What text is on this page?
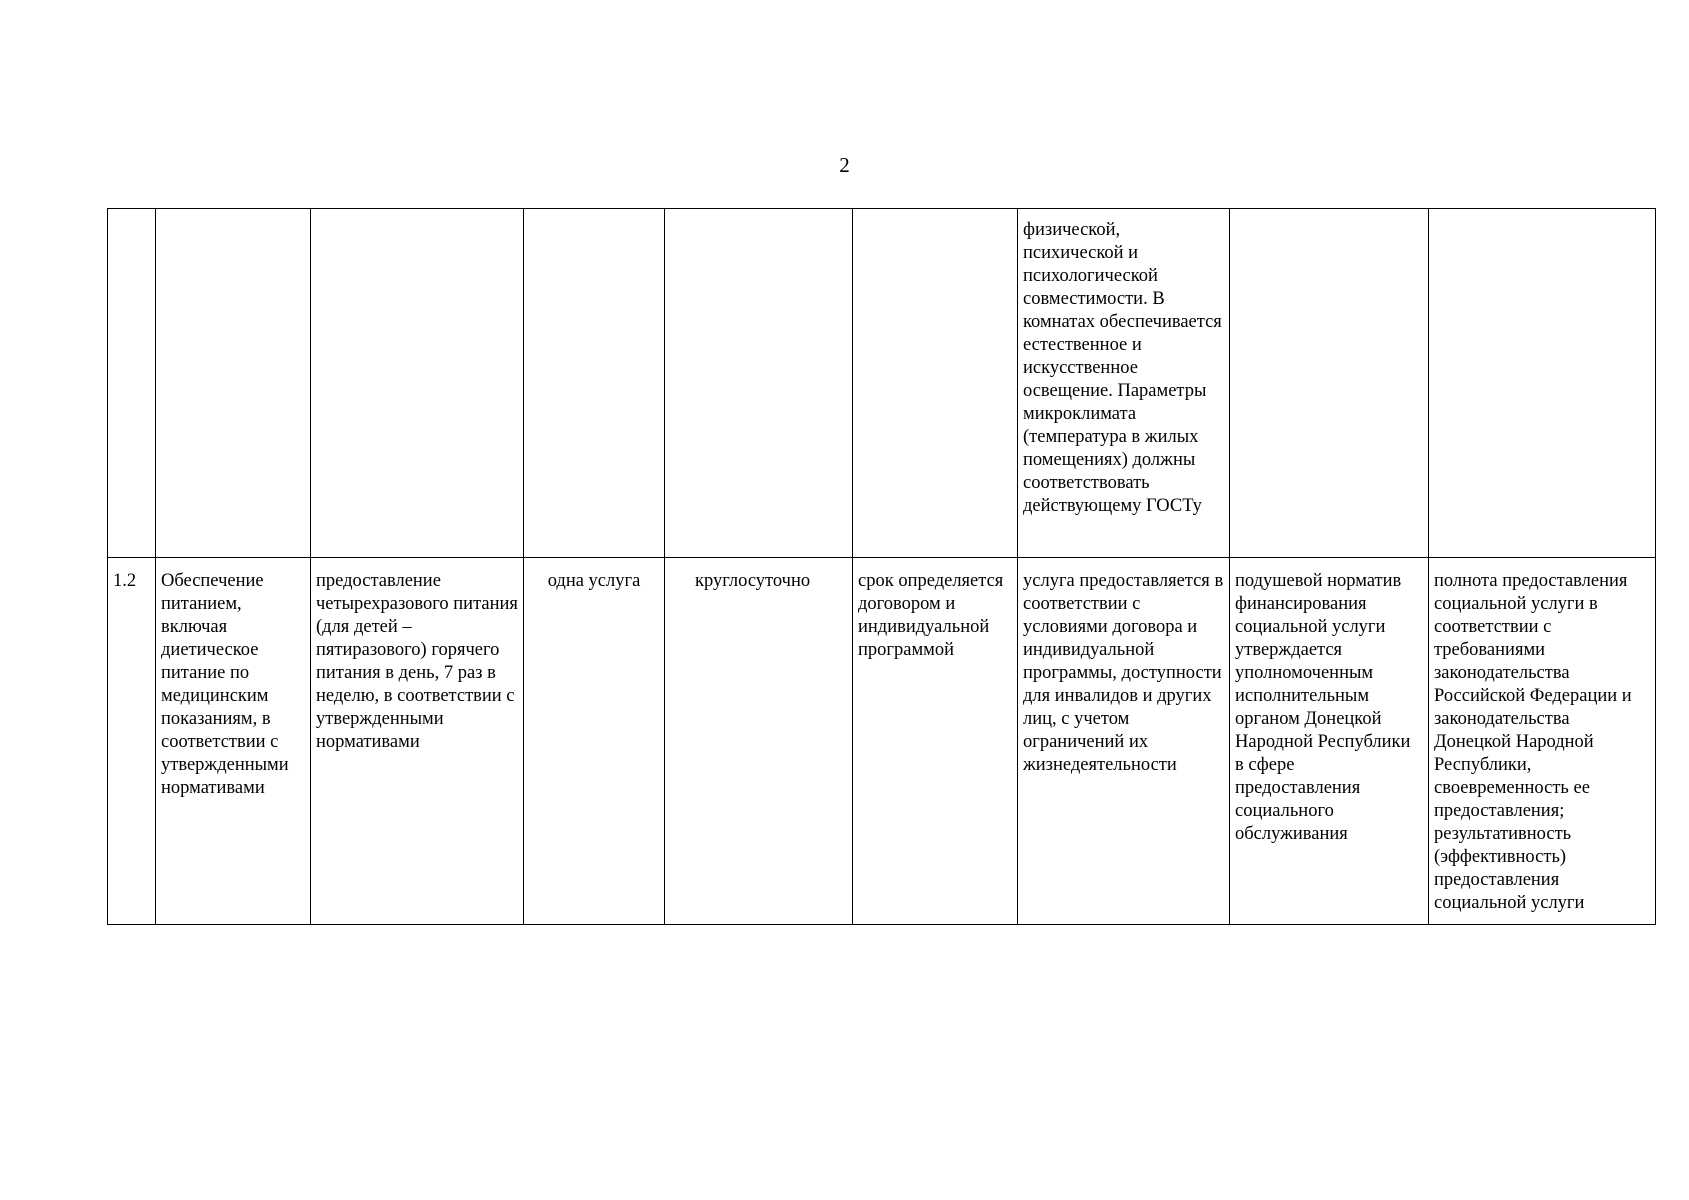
2
						физической, психической и психологической совместимости. В комнатах обеспечивается естественное и искусственное освещение. Параметры микроклимата (температура в жилых помещениях) должны соответствовать действующему ГОСТу		
1.2	Обеспечение питанием, включая диетическое питание по медицинским показаниям, в соответствии с утвержденными нормативами	предоставление четырехразового питания (для детей – пятиразового) горячего питания в день, 7 раз в неделю, в соответствии с утвержденными нормативами	одна услуга	круглосуточно	срок определяется договором и индивидуальной программой	услуга предоставляется в соответствии с условиями договора и индивидуальной программы, доступности для инвалидов и других лиц, с учетом ограничений их жизнедеятельности	подушевой норматив финансирования социальной услуги утверждается уполномоченным исполнительным органом Донецкой Народной Республики в сфере предоставления социального обслуживания	полнота предоставления социальной услуги в соответствии с требованиями законодательства Российской Федерации и законодательства Донецкой Народной Республики, своевременность ее предоставления; результативность (эффективность) предоставления социальной услуги
